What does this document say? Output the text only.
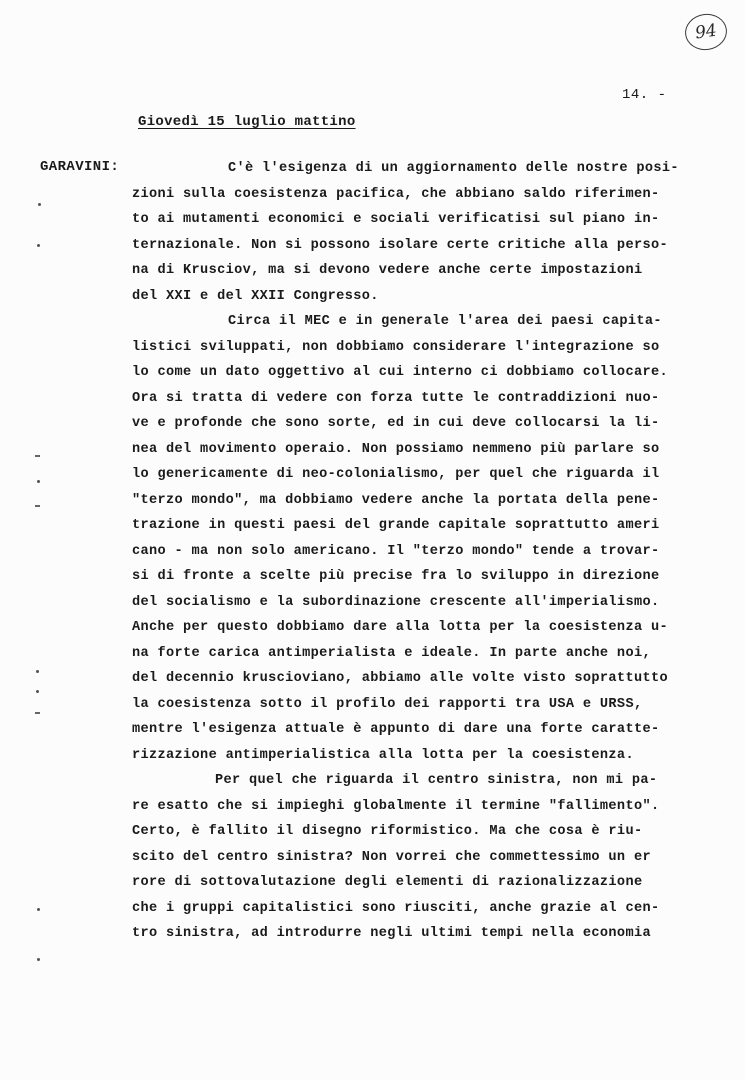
94
14. -
Giovedì 15 luglio mattino
GARAVINI:	C'è l'esigenza di un aggiornamento delle nostre posi-
zioni sulla coesistenza pacifica, che abbiano saldo riferimen-
to ai mutamenti economici e sociali verificatisi sul piano in-
ternazionale. Non si possono isolare certe critiche alla perso-
na di Krusciov, ma si devono vedere anche certe impostazioni
del XXI e del XXII Congresso.
Circa il MEC e in generale l'area dei paesi capita-
listici sviluppati, non dobbiamo considerare l'integrazione so
lo come un dato oggettivo al cui interno ci dobbiamo collocare.
Ora si tratta di vedere con forza tutte le contraddizioni nuo-
ve e profonde che sono sorte, ed in cui deve collocarsi la li-
nea del movimento operaio. Non possiamo nemmeno più parlare so
lo genericamente di neo-colonialismo, per quel che riguarda il
"terzo mondo", ma dobbiamo vedere anche la portata della pene-
trazione in questi paesi del grande capitale soprattutto ameri
cano - ma non solo americano. Il "terzo mondo" tende a trovar-
si di fronte a scelte più precise fra lo sviluppo in direzione
del socialismo e la subordinazione crescente all'imperialismo.
Anche per questo dobbiamo dare alla lotta per la coesistenza u-
na forte carica antimperialista e ideale. In parte anche noi,
del decennio kruscioviano, abbiamo alle volte visto soprattutto
la coesistenza sotto il profilo dei rapporti tra USA e URSS,
mentre l'esigenza attuale è appunto di dare una forte caratte-
rizzazione antimperialistica alla lotta per la coesistenza.
Per quel che riguarda il centro sinistra, non mi pa-
re esatto che si impieghi globalmente il termine "fallimento".
Certo, è fallito il disegno riformistico. Ma che cosa è riu-
scito del centro sinistra? Non vorrei che commettessimo un er
rore di sottovalutazione degli elementi di razionalizzazione
che i gruppi capitalistici sono riusciti, anche grazie al cen-
tro sinistra, ad introdurre negli ultimi tempi nella economia
